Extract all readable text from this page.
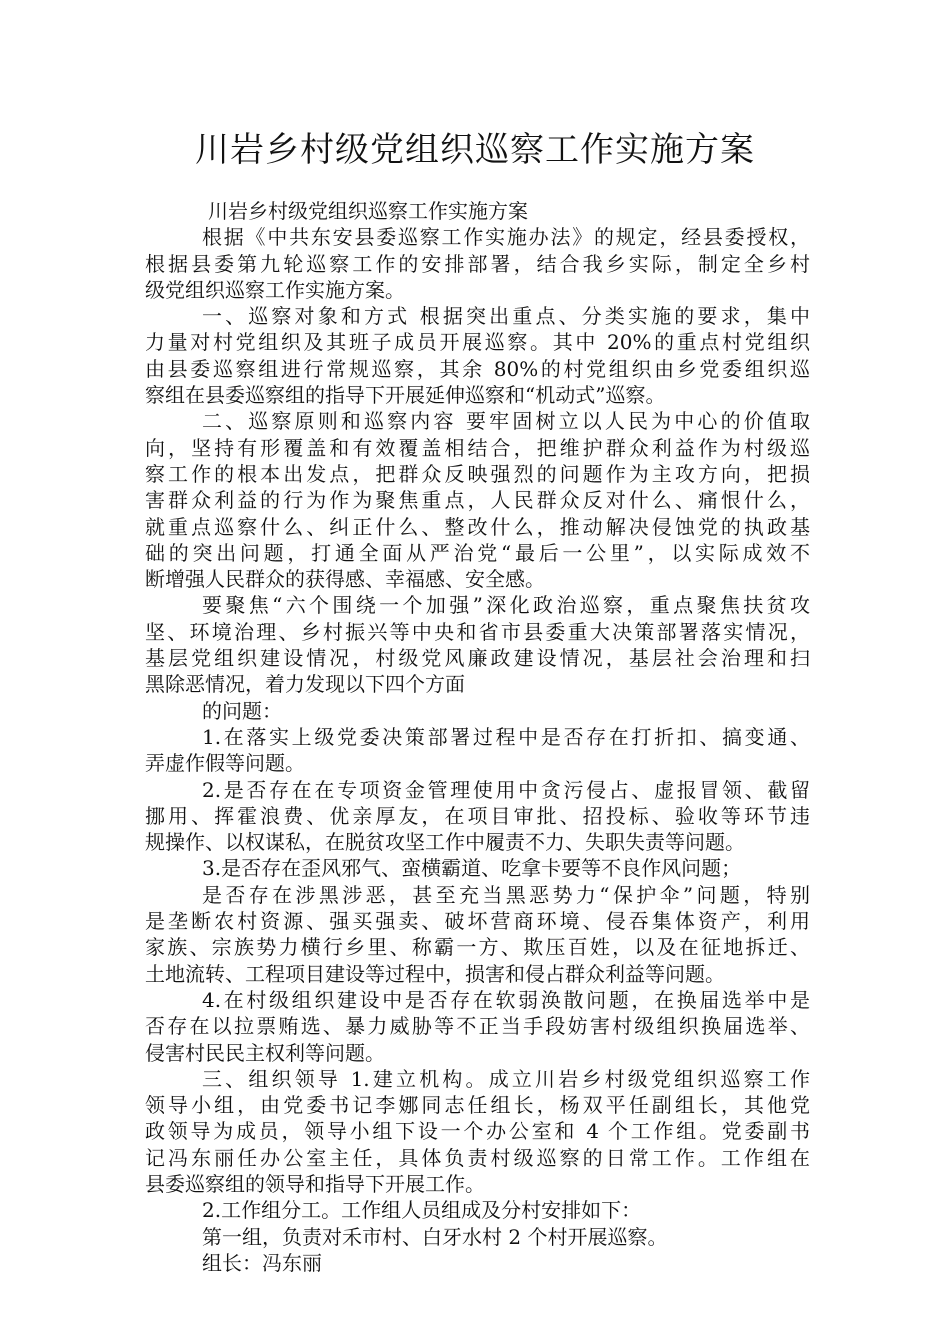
川岩乡村级党组织巡察工作实施方案
川岩乡村级党组织巡察工作实施方案
根据《中共东安县委巡察工作实施办法》的规定，经县委授权，
根据县委第九轮巡察工作的安排部署，结合我乡实际，制定全乡村
级党组织巡察工作实施方案。
一、巡察对象和方式 根据突出重点、分类实施的要求，集中
力量对村党组织及其班子成员开展巡察。其中 20%的重点村党组织
由县委巡察组进行常规巡察，其余 80%的村党组织由乡党委组织巡
察组在县委巡察组的指导下开展延伸巡察和“机动式”巡察。
二、巡察原则和巡察内容 要牢固树立以人民为中心的价值取
向，坚持有形覆盖和有效覆盖相结合，把维护群众利益作为村级巡
察工作的根本出发点，把群众反映强烈的问题作为主攻方向，把损
害群众利益的行为作为聚焦重点，人民群众反对什么、痛恨什么，
就重点巡察什么、纠正什么、整改什么，推动解决侵蚀党的执政基
础的突出问题，打通全面从严治党“最后一公里”，以实际成效不
断增强人民群众的获得感、幸福感、安全感。
要聚焦“六个围绕一个加强”深化政治巡察，重点聚焦扶贫攻
坚、环境治理、乡村振兴等中央和省市县委重大决策部署落实情况，
基层党组织建设情况，村级党风廉政建设情况，基层社会治理和扫
黑除恶情况，着力发现以下四个方面
的问题：
1.在落实上级党委决策部署过程中是否存在打折扣、搞变通、
弄虚作假等问题。
2.是否存在在专项资金管理使用中贪污侵占、虚报冒领、截留
挪用、挥霍浪费、优亲厚友，在项目审批、招投标、验收等环节违
规操作、以权谋私，在脱贫攻坚工作中履责不力、失职失责等问题。
3.是否存在歪风邪气、蛮横霸道、吃拿卡要等不良作风问题；
是否存在涉黑涉恶，甚至充当黑恶势力“保护伞”问题，特别
是垄断农村资源、强买强卖、破坏营商环境、侵吞集体资产，利用
家族、宗族势力横行乡里、称霸一方、欺压百姓，以及在征地拆迁、
土地流转、工程项目建设等过程中，损害和侵占群众利益等问题。
4.在村级组织建设中是否存在软弱涣散问题，在换届选举中是
否存在以拉票贿选、暴力威胁等不正当手段妨害村级组织换届选举、
侵害村民民主权利等问题。
三、组织领导 1.建立机构。成立川岩乡村级党组织巡察工作
领导小组，由党委书记李娜同志任组长，杨双平任副组长，其他党
政领导为成员，领导小组下设一个办公室和 4 个工作组。党委副书
记冯东丽任办公室主任，具体负责村级巡察的日常工作。工作组在
县委巡察组的领导和指导下开展工作。
2.工作组分工。工作组人员组成及分村安排如下：
第一组，负责对禾市村、白牙水村 2 个村开展巡察。
组长：冯东丽
